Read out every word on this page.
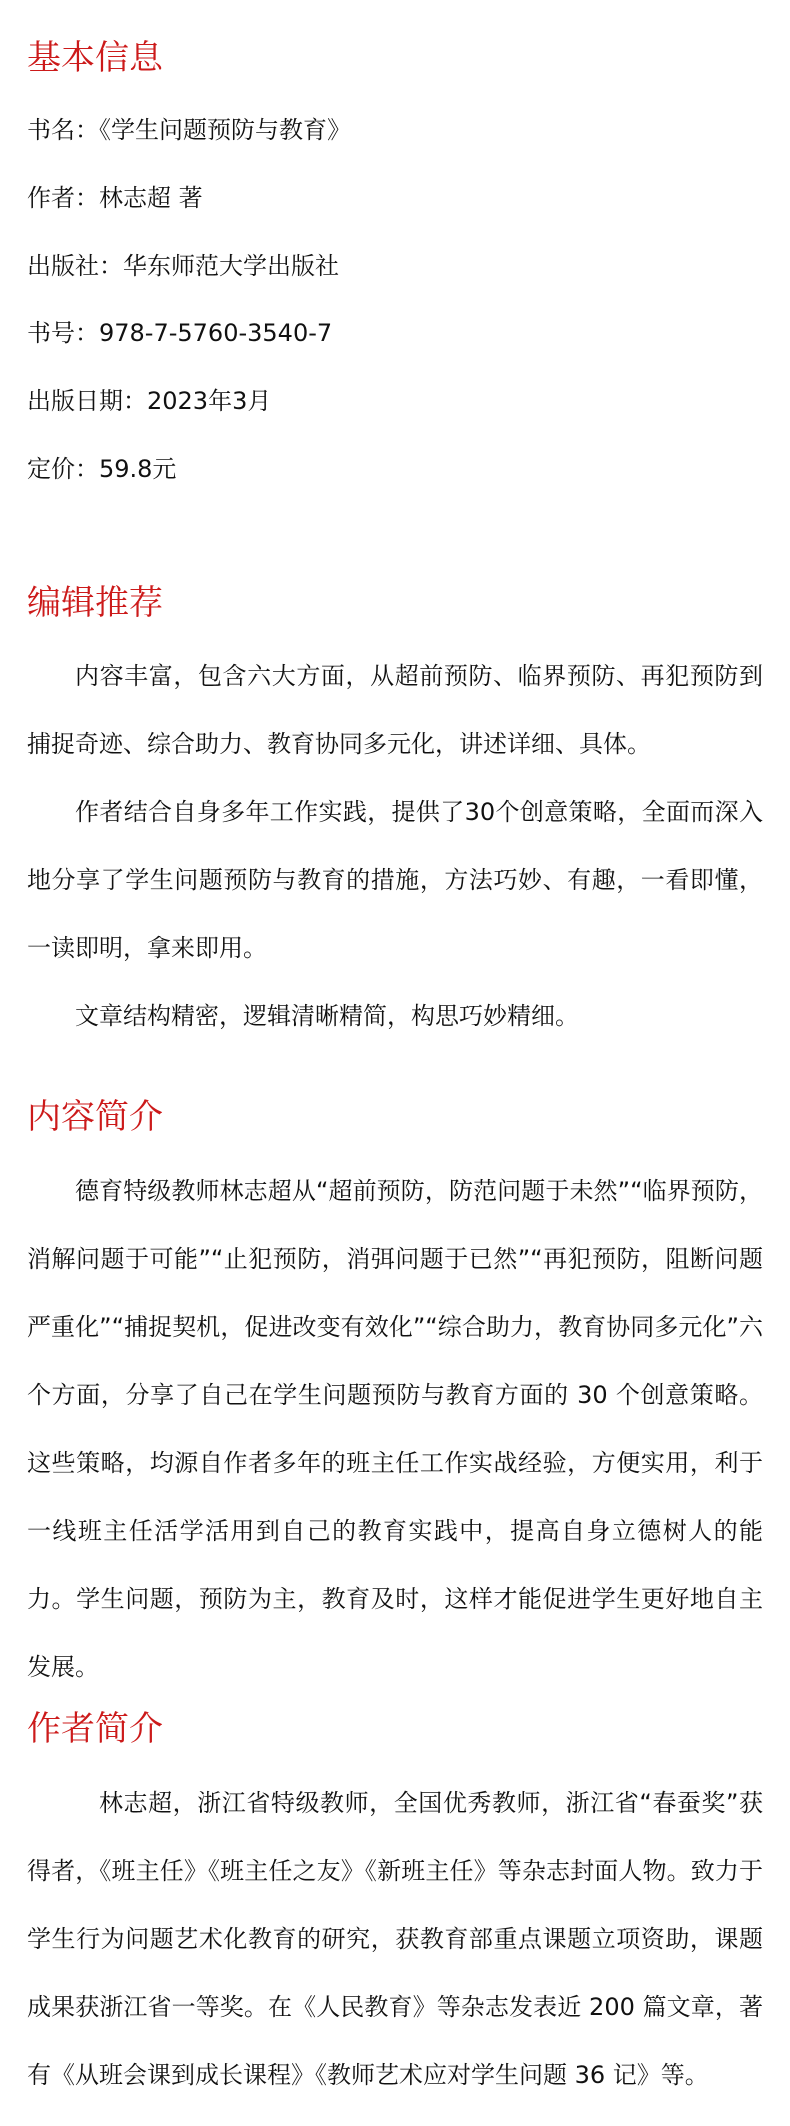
基本信息

书名：《学生问题预防与教育》

作者：林志超 著

出版社：华东师范大学出版社

书号：978-7-5760-3540-7

出版日期：2023年3月

定价：59.8元

编辑推荐

内容丰富，包含六大方面，从超前预防、临界预防、再犯预防到捕捉奇迹、综合助力、教育协同多元化，讲述详细、具体。

作者结合自身多年工作实践，提供了30个创意策略，全面而深入地分享了学生问题预防与教育的措施，方法巧妙、有趣，一看即懂，一读即明，拿来即用。

文章结构精密，逻辑清晰精简，构思巧妙精细。

内容简介

德育特级教师林志超从“超前预防，防范问题于未然”“临界预防，消解问题于可能”“止犯预防，消弭问题于已然”“再犯预防，阻断问题严重化”“捕捉契机，促进改变有效化”“综合助力，教育协同多元化”六个方面，分享了自己在学生问题预防与教育方面的 30 个创意策略。这些策略，均源自作者多年的班主任工作实战经验，方便实用，利于一线班主任活学活用到自己的教育实践中，提高自身立德树人的能力。学生问题，预防为主，教育及时，这样才能促进学生更好地自主发展。

作者简介

林志超，浙江省特级教师，全国优秀教师，浙江省“春蚕奖”获得者，《班主任》《班主任之友》《新班主任》等杂志封面人物。致力于学生行为问题艺术化教育的研究，获教育部重点课题立项资助，课题成果获浙江省一等奖。在《人民教育》等杂志发表近 200 篇文章，著有《从班会课到成长课程》《教师艺术应对学生问题 36 记》等。
